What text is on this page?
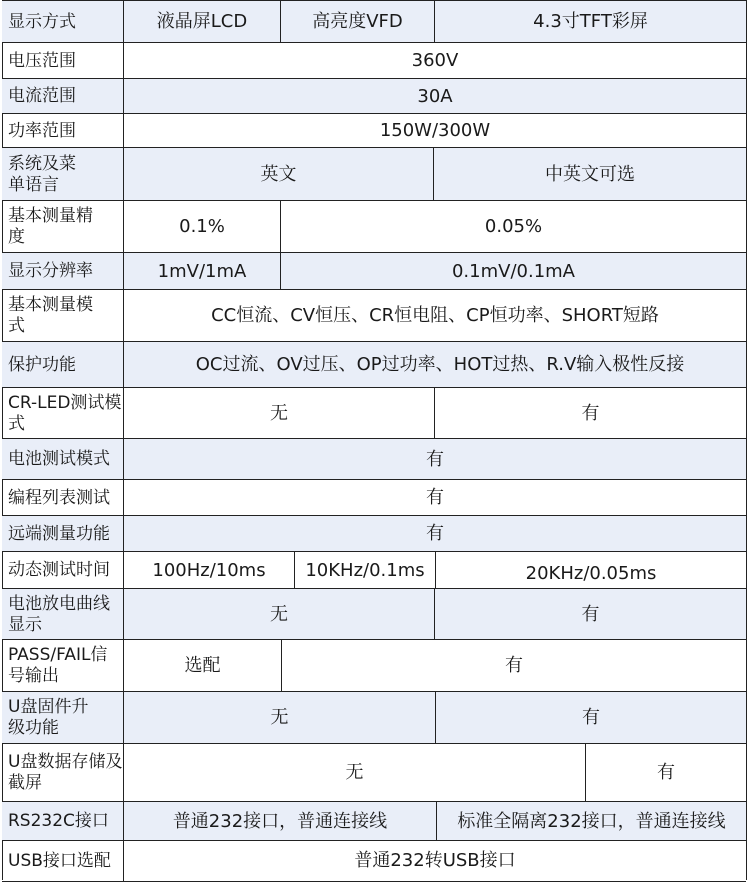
显示方式	液晶屏LCD	高亮度VFD	4.3寸TFT彩屏
电压范围	360V
电流范围	30A
功率范围	150W/300W
系统及菜单语言	英文	中英文可选
基本测量精度	0.1%	0.05%
显示分辨率	1mV/1mA	0.1mV/0.1mA
基本测量模式	CC恒流、CV恒压、CR恒电阻、CP恒功率、SHORT短路
保护功能	OC过流、OV过压、OP过功率、HOT过热、R.V输入极性反接
CR-LED测试模式	无	有
电池测试模式	有
编程列表测试	有
远端测量功能	有
动态测试时间	100Hz/10ms	10KHz/0.1ms	20KHz/0.05ms
电池放电曲线显示	无	有
PASS/FAIL信号输出	选配	有
U盘固件升级功能	无	有
U盘数据存储及截屏	无	有
RS232C接口	普通232接口，普通连接线	标准全隔离232接口，普通连接线
USB接口选配	普通232转USB接口
